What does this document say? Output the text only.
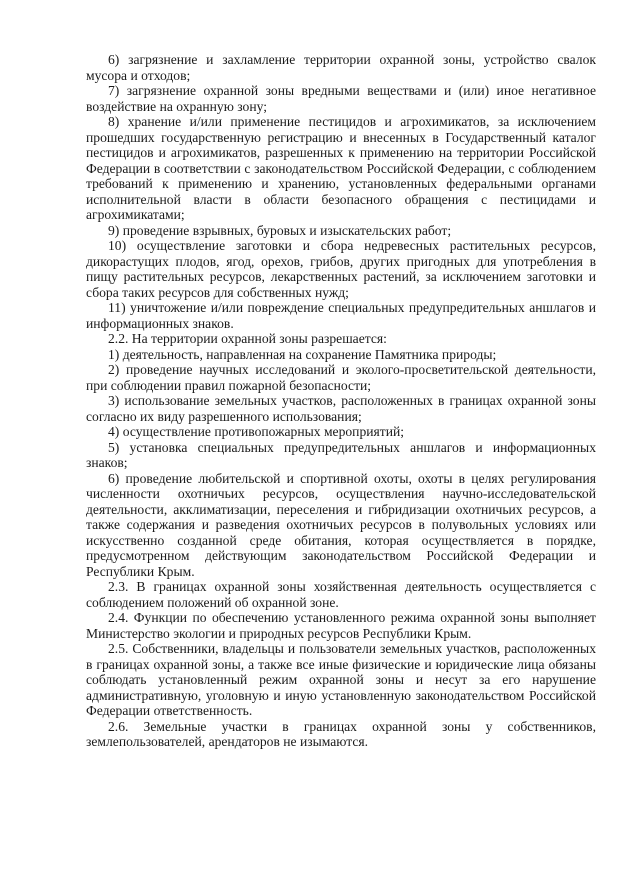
6) загрязнение и захламление территории охранной зоны, устройство свалок мусора и отходов;

7) загрязнение охранной зоны вредными веществами и (или) иное негативное воздействие на охранную зону;

8) хранение и/или применение пестицидов и агрохимикатов, за исключением прошедших государственную регистрацию и внесенных в Государственный каталог пестицидов и агрохимикатов, разрешенных к применению на территории Российской Федерации в соответствии с законодательством Российской Федерации, с соблюдением требований к применению и хранению, установленных федеральными органами исполнительной власти в области безопасного обращения с пестицидами и агрохимикатами;

9) проведение взрывных, буровых и изыскательских работ;

10) осуществление заготовки и сбора недревесных растительных ресурсов, дикорастущих плодов, ягод, орехов, грибов, других пригодных для употребления в пищу растительных ресурсов, лекарственных растений, за исключением заготовки и сбора таких ресурсов для собственных нужд;

11) уничтожение и/или повреждение специальных предупредительных аншлагов и информационных знаков.

2.2. На территории охранной зоны разрешается:

1) деятельность, направленная на сохранение Памятника природы;

2) проведение научных исследований и эколого-просветительской деятельности, при соблюдении правил пожарной безопасности;

3) использование земельных участков, расположенных в границах охранной зоны согласно их виду разрешенного использования;

4) осуществление противопожарных мероприятий;

5) установка специальных предупредительных аншлагов и информационных знаков;

6) проведение любительской и спортивной охоты, охоты в целях регулирования численности охотничьих ресурсов, осуществления научно-исследовательской деятельности, акклиматизации, переселения и гибридизации охотничьих ресурсов, а также содержания и разведения охотничьих ресурсов в полувольных условиях или искусственно созданной среде обитания, которая осуществляется в порядке, предусмотренном действующим законодательством Российской Федерации и Республики Крым.

2.3. В границах охранной зоны хозяйственная деятельность осуществляется с соблюдением положений об охранной зоне.

2.4. Функции по обеспечению установленного режима охранной зоны выполняет Министерство экологии и природных ресурсов Республики Крым.

2.5. Собственники, владельцы и пользователи земельных участков, расположенных в границах охранной зоны, а также все иные физические и юридические лица обязаны соблюдать установленный режим охранной зоны и несут за его нарушение административную, уголовную и иную установленную законодательством Российской Федерации ответственность.

2.6. Земельные участки в границах охранной зоны у собственников, землепользователей, арендаторов не изымаются.
